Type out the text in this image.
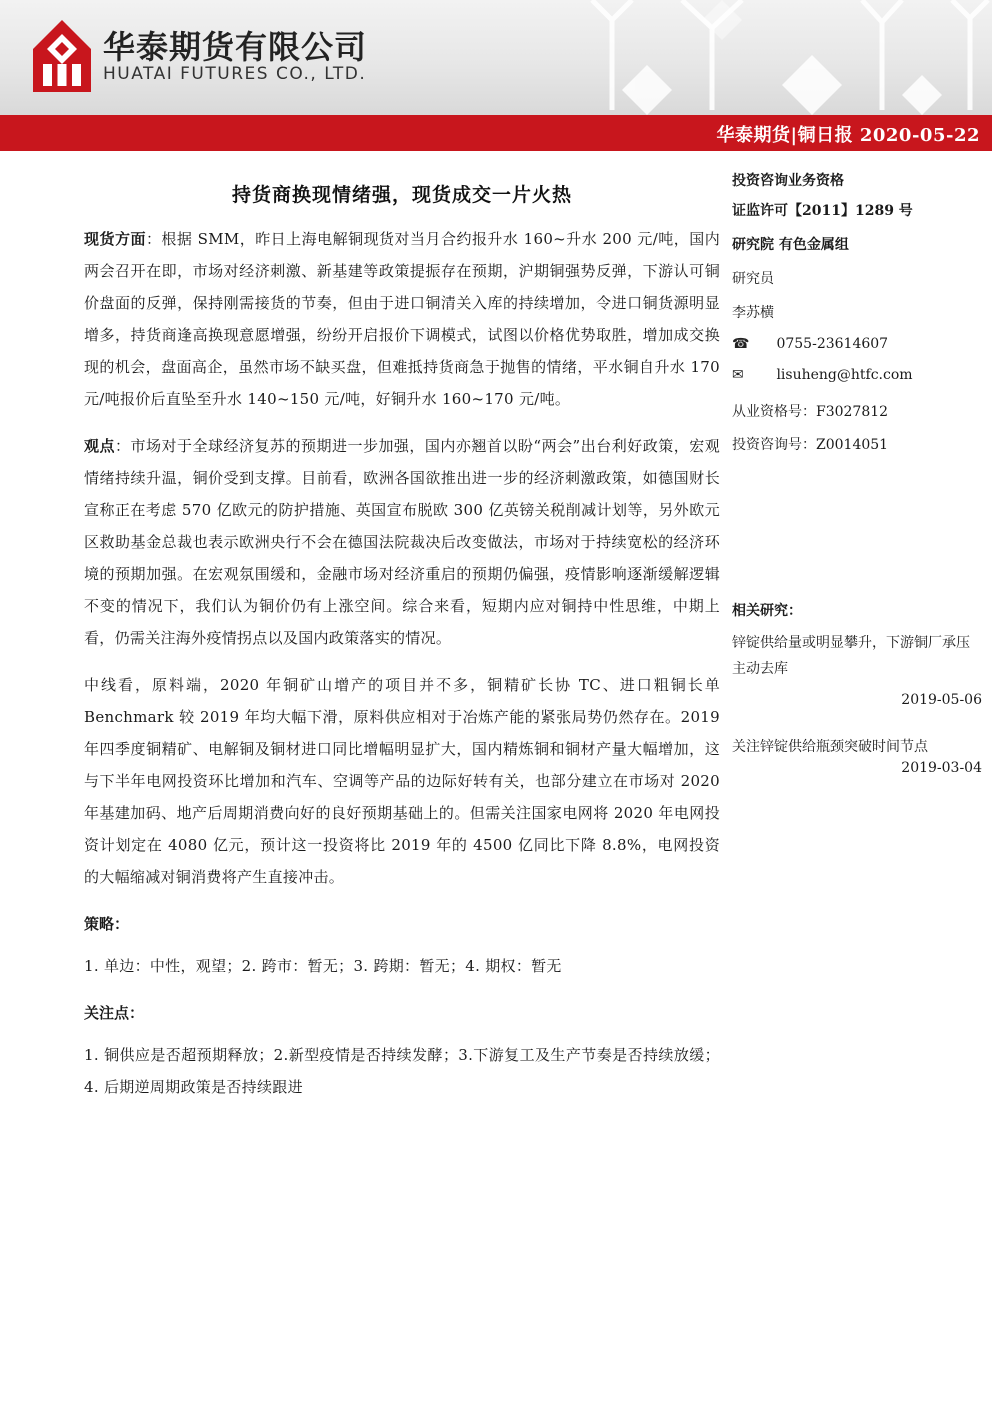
华泰期货有限公司

HUATAI FUTURES CO., LTD.

华泰期货|铜日报 2020-05-22

持货商换现情绪强，现货成交一片火热

现货方面：根据 SMM，昨日上海电解铜现货对当月合约报升水 160~升水 200 元/吨，国内两会召开在即，市场对经济刺激、新基建等政策提振存在预期，沪期铜强势反弹，下游认可铜价盘面的反弹，保持刚需接货的节奏，但由于进口铜清关入库的持续增加，令进口铜货源明显增多，持货商逢高换现意愿增强，纷纷开启报价下调模式，试图以价格优势取胜，增加成交换现的机会，盘面高企，虽然市场不缺买盘，但难抵持货商急于抛售的情绪，平水铜自升水 170 元/吨报价后直坠至升水 140~150 元/吨，好铜升水 160~170 元/吨。

观点：市场对于全球经济复苏的预期进一步加强，国内亦翘首以盼“两会”出台利好政策，宏观情绪持续升温，铜价受到支撑。目前看，欧洲各国欲推出进一步的经济刺激政策，如德国财长宣称正在考虑 570 亿欧元的防护措施、英国宣布脱欧 300 亿英镑关税削减计划等，另外欧元区救助基金总裁也表示欧洲央行不会在德国法院裁决后改变做法，市场对于持续宽松的经济环境的预期加强。在宏观氛围缓和，金融市场对经济重启的预期仍偏强，疫情影响逐渐缓解逻辑不变的情况下，我们认为铜价仍有上涨空间。综合来看，短期内应对铜持中性思维，中期上看，仍需关注海外疫情拐点以及国内政策落实的情况。

中线看，原料端，2020 年铜矿山增产的项目并不多，铜精矿长协 TC、进口粗铜长单 Benchmark 较 2019 年均大幅下滑，原料供应相对于冶炼产能的紧张局势仍然存在。2019 年四季度铜精矿、电解铜及铜材进口同比增幅明显扩大，国内精炼铜和铜材产量大幅增加，这与下半年电网投资环比增加和汽车、空调等产品的边际好转有关，也部分建立在市场对 2020 年基建加码、地产后周期消费向好的良好预期基础上的。但需关注国家电网将 2020 年电网投资计划定在 4080 亿元，预计这一投资将比 2019 年的 4500 亿同比下降 8.8%，电网投资的大幅缩减对铜消费将产生直接冲击。

策略：

1. 单边：中性，观望；2. 跨市：暂无；3. 跨期：暂无；4. 期权：暂无

关注点：

1. 铜供应是否超预期释放；2.新型疫情是否持续发酵；3.下游复工及生产节奏是否持续放缓；4. 后期逆周期政策是否持续跟进

投资咨询业务资格
证监许可【2011】1289 号
研究院 有色金属组
研究员
李苏横
☎ 0755-23614607
✉ lisuheng@htfc.com
从业资格号：F3027812
投资咨询号：Z0014051
相关研究：
锌锭供给量或明显攀升，下游铜厂承压主动去库
2019-05-06
关注锌锭供给瓶颈突破时间节点
2019-03-04
